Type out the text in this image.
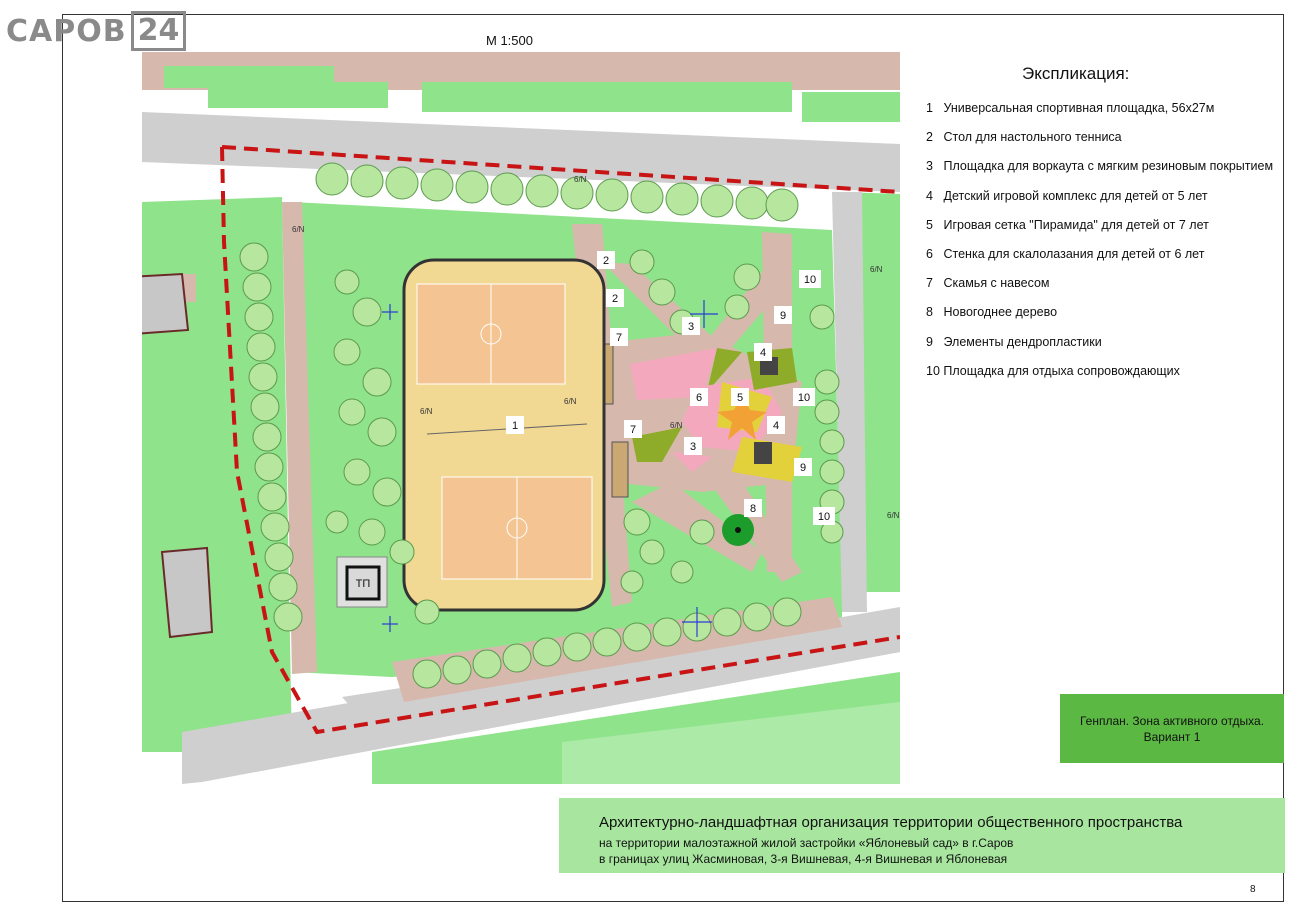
САРОВ 24	М 1:500
ТП
6/N
6/N
6/N
6/N
6/N
6/N
6/N
1
2
2
3
3
4
4
5
6
7
7
8
9
9
10
10
10
Экспликация:
1 Универсальная спортивная площадка, 56х27м
2 Стол для настольного тенниса
3 Площадка для воркаута с мягким резиновым покрытием
4 Детский игровой комплекс для детей от 5 лет
5 Игровая сетка "Пирамида" для детей от 7 лет
6 Стенка для скалолазания для детей от 6 лет
7 Скамья с навесом
8 Новогоднее дерево
9 Элементы дендропластики
10 Площадка для отдыха сопровождающих
Генплан. Зона активного отдыха.
Вариант 1
Архитектурно-ландшафтная организация территории общественного пространства
на территории малоэтажной жилой застройки «Яблоневый сад» в г.Саров
в границах улиц Жасминовая, 3-я Вишневая, 4-я Вишневая и Яблоневая
8
